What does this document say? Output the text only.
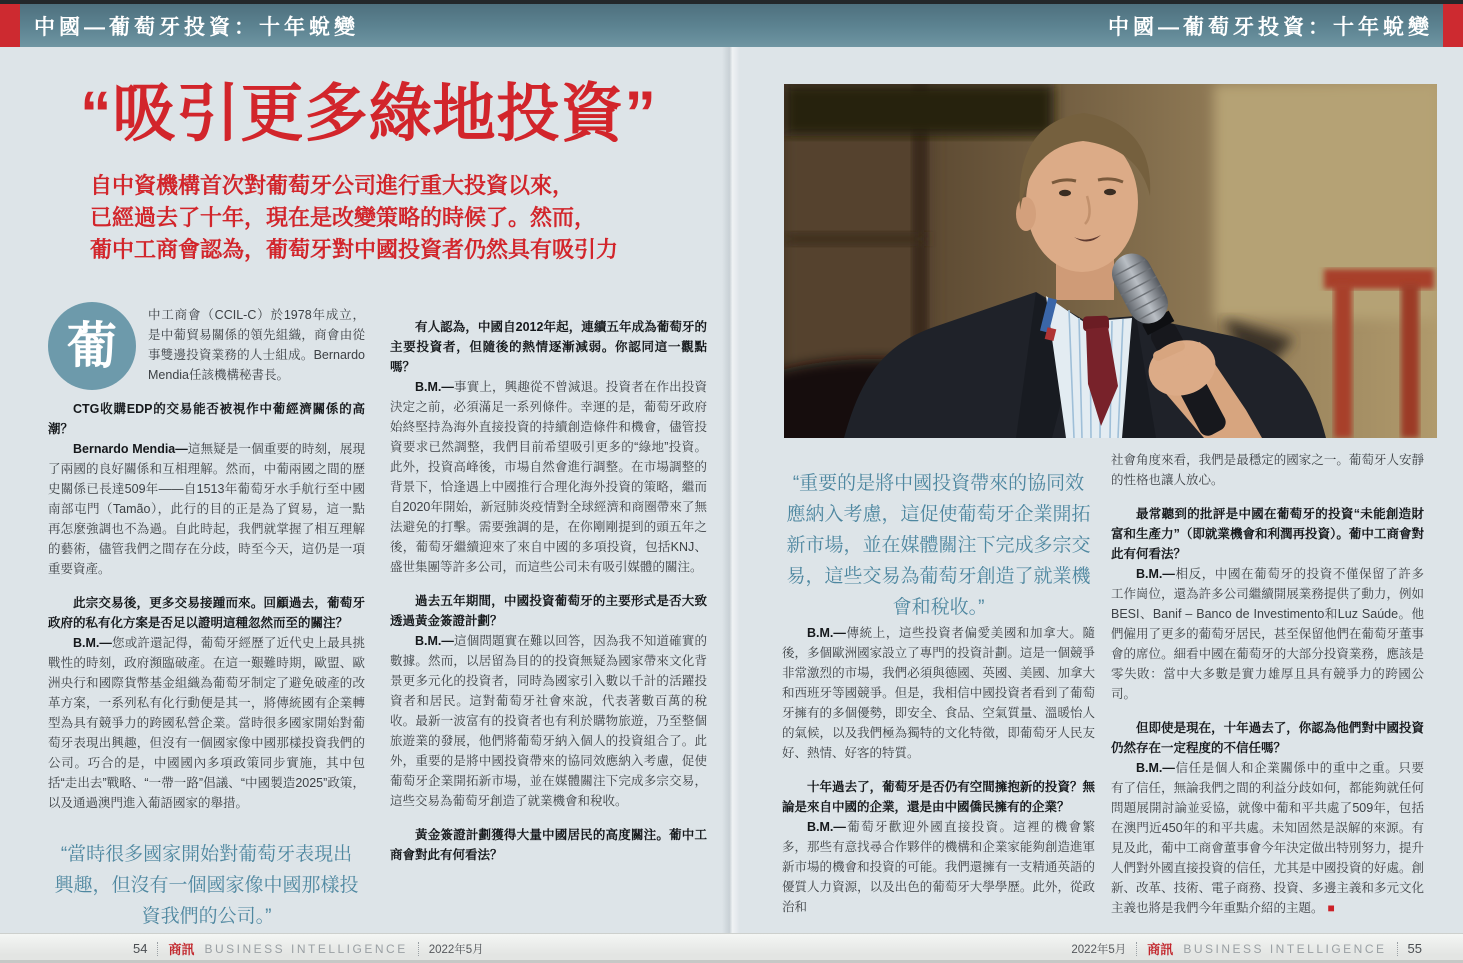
中國—葡萄牙投資：十年蛻變	中國—葡萄牙投資：十年蛻變
“吸引更多綠地投資”
自中資機構首次對葡萄牙公司進行重大投資以來，
已經過去了十年，現在是改變策略的時候了。然而，
葡中工商會認為，葡萄牙對中國投資者仍然具有吸引力
葡

中工商會（CCIL-C）於1978年成立，是中葡貿易關係的領先組織，商會由從事雙邊投資業務的人士組成。Bernardo Mendia任該機構秘書長。

CTG收購EDP的交易能否被視作中葡經濟關係的高潮？

Bernardo Mendia—這無疑是一個重要的時刻，展現了兩國的良好關係和互相理解。然而，中葡兩國之間的歷史關係已長達509年——自1513年葡萄牙水手航行至中國南部屯門（Tamão），此行的目的正是為了貿易，這一點再怎麼強調也不為過。自此時起，我們就掌握了相互理解的藝術，儘管我們之間存在分歧，時至今天，這仍是一項重要資產。

此宗交易後，更多交易接踵而來。回顧過去，葡萄牙政府的私有化方案是否足以證明這種忽然而至的關注？

B.M.—您或許還記得，葡萄牙經歷了近代史上最具挑戰性的時刻，政府瀕臨破產。在這一艱難時期，歐盟、歐洲央行和國際貨幣基金組織為葡萄牙制定了避免破產的改革方案，一系列私有化行動便是其一，將傳統國有企業轉型為具有競爭力的跨國私營企業。當時很多國家開始對葡萄牙表現出興趣，但沒有一個國家像中國那樣投資我們的公司。巧合的是，中國國內多項政策同步實施，其中包括“走出去”戰略、“一帶一路”倡議、“中國製造2025”政策，以及通過澳門進入葡語國家的舉措。

“當時很多國家開始對葡萄牙表現出興趣，但沒有一個國家像中國那樣投資我們的公司。”

有人認為，中國自2012年起，連續五年成為葡萄牙的主要投資者，但隨後的熱情逐漸減弱。你認同這一觀點嗎？

B.M.—事實上，興趣從不曾減退。投資者在作出投資決定之前，必須滿足一系列條件。幸運的是，葡萄牙政府始終堅持為海外直接投資的持續創造條件和機會，儘管投資要求已然調整，我們目前希望吸引更多的“綠地”投資。此外，投資高峰後，市場自然會進行調整。在市場調整的背景下，恰逢遇上中國推行合理化海外投資的策略，繼而自2020年開始，新冠肺炎疫情對全球經濟和商圈帶來了無法避免的打擊。需要強調的是，在你剛剛提到的頭五年之後，葡萄牙繼續迎來了來自中國的多項投資，包括KNJ、盛世集團等許多公司，而這些公司未有吸引媒體的關注。

過去五年期間，中國投資葡萄牙的主要形式是否大致透過黃金簽證計劃？

B.M.—這個問題實在難以回答，因為我不知道確實的數據。然而，以居留為目的的投資無疑為國家帶來文化背景更多元化的投資者，同時為國家引入數以千計的活躍投資者和居民。這對葡萄牙社會來說，代表著數百萬的稅收。最新一波富有的投資者也有利於購物旅遊，乃至整個旅遊業的發展，他們將葡萄牙納入個人的投資組合了。此外，重要的是將中國投資帶來的協同效應納入考慮，促使葡萄牙企業開拓新市場，並在媒體關注下完成多宗交易，這些交易為葡萄牙創造了就業機會和稅收。

黃金簽證計劃獲得大量中國居民的高度關注。葡中工商會對此有何看法？

“重要的是將中國投資帶來的協同效應納入考慮，這促使葡萄牙企業開拓新市場，並在媒體關注下完成多宗交易，這些交易為葡萄牙創造了就業機會和稅收。”

B.M.—傳統上，這些投資者偏愛美國和加拿大。隨後，多個歐洲國家設立了專門的投資計劃。這是一個競爭非常激烈的市場，我們必須與德國、英國、美國、加拿大和西班牙等國競爭。但是，我相信中國投資者看到了葡萄牙擁有的多個優勢，即安全、食品、空氣質量、溫暖怡人的氣候，以及我們極為獨特的文化特徵，即葡萄牙人民友好、熱情、好客的特質。

十年過去了，葡萄牙是否仍有空間擁抱新的投資？無論是來自中國的企業，還是由中國僑民擁有的企業？

B.M.—葡萄牙歡迎外國直接投資。這裡的機會繁多，那些有意找尋合作夥伴的機構和企業家能夠創造進軍新市場的機會和投資的可能。我們還擁有一支精通英語的優質人力資源，以及出色的葡萄牙大學學歷。此外，從政治和

社會角度來看，我們是最穩定的國家之一。葡萄牙人安靜的性格也讓人放心。

最常聽到的批評是中國在葡萄牙的投資“未能創造財富和生產力”（即就業機會和利潤再投資）。葡中工商會對此有何看法？

B.M.—相反，中國在葡萄牙的投資不僅保留了許多工作崗位，還為許多公司繼續開展業務提供了動力，例如BESI、Banif – Banco de Investimento和Luz Saúde。他們僱用了更多的葡萄牙居民，甚至保留他們在葡萄牙董事會的席位。細看中國在葡萄牙的大部分投資業務，應該是零失敗：當中大多數是實力雄厚且具有競爭力的跨國公司。

但即使是現在，十年過去了，你認為他們對中國投資仍然存在一定程度的不信任嗎？

B.M.—信任是個人和企業關係中的重中之重。只要有了信任，無論我們之間的利益分歧如何，都能夠就任何問題展開討論並妥協，就像中葡和平共處了509年，包括在澳門近450年的和平共處。未知固然是誤解的來源。有見及此，葡中工商會董事會今年決定做出特別努力，提升人們對外國直接投資的信任，尤其是中國投資的好處。創新、改革、技術、電子商務、投資、多邊主義和多元文化主義也將是我們今年重點介紹的主題。 ■

54 商訊 BUSINESS INTELLIGENCE 2022年5月	2022年5月 商訊 BUSINESS INTELLIGENCE 55
